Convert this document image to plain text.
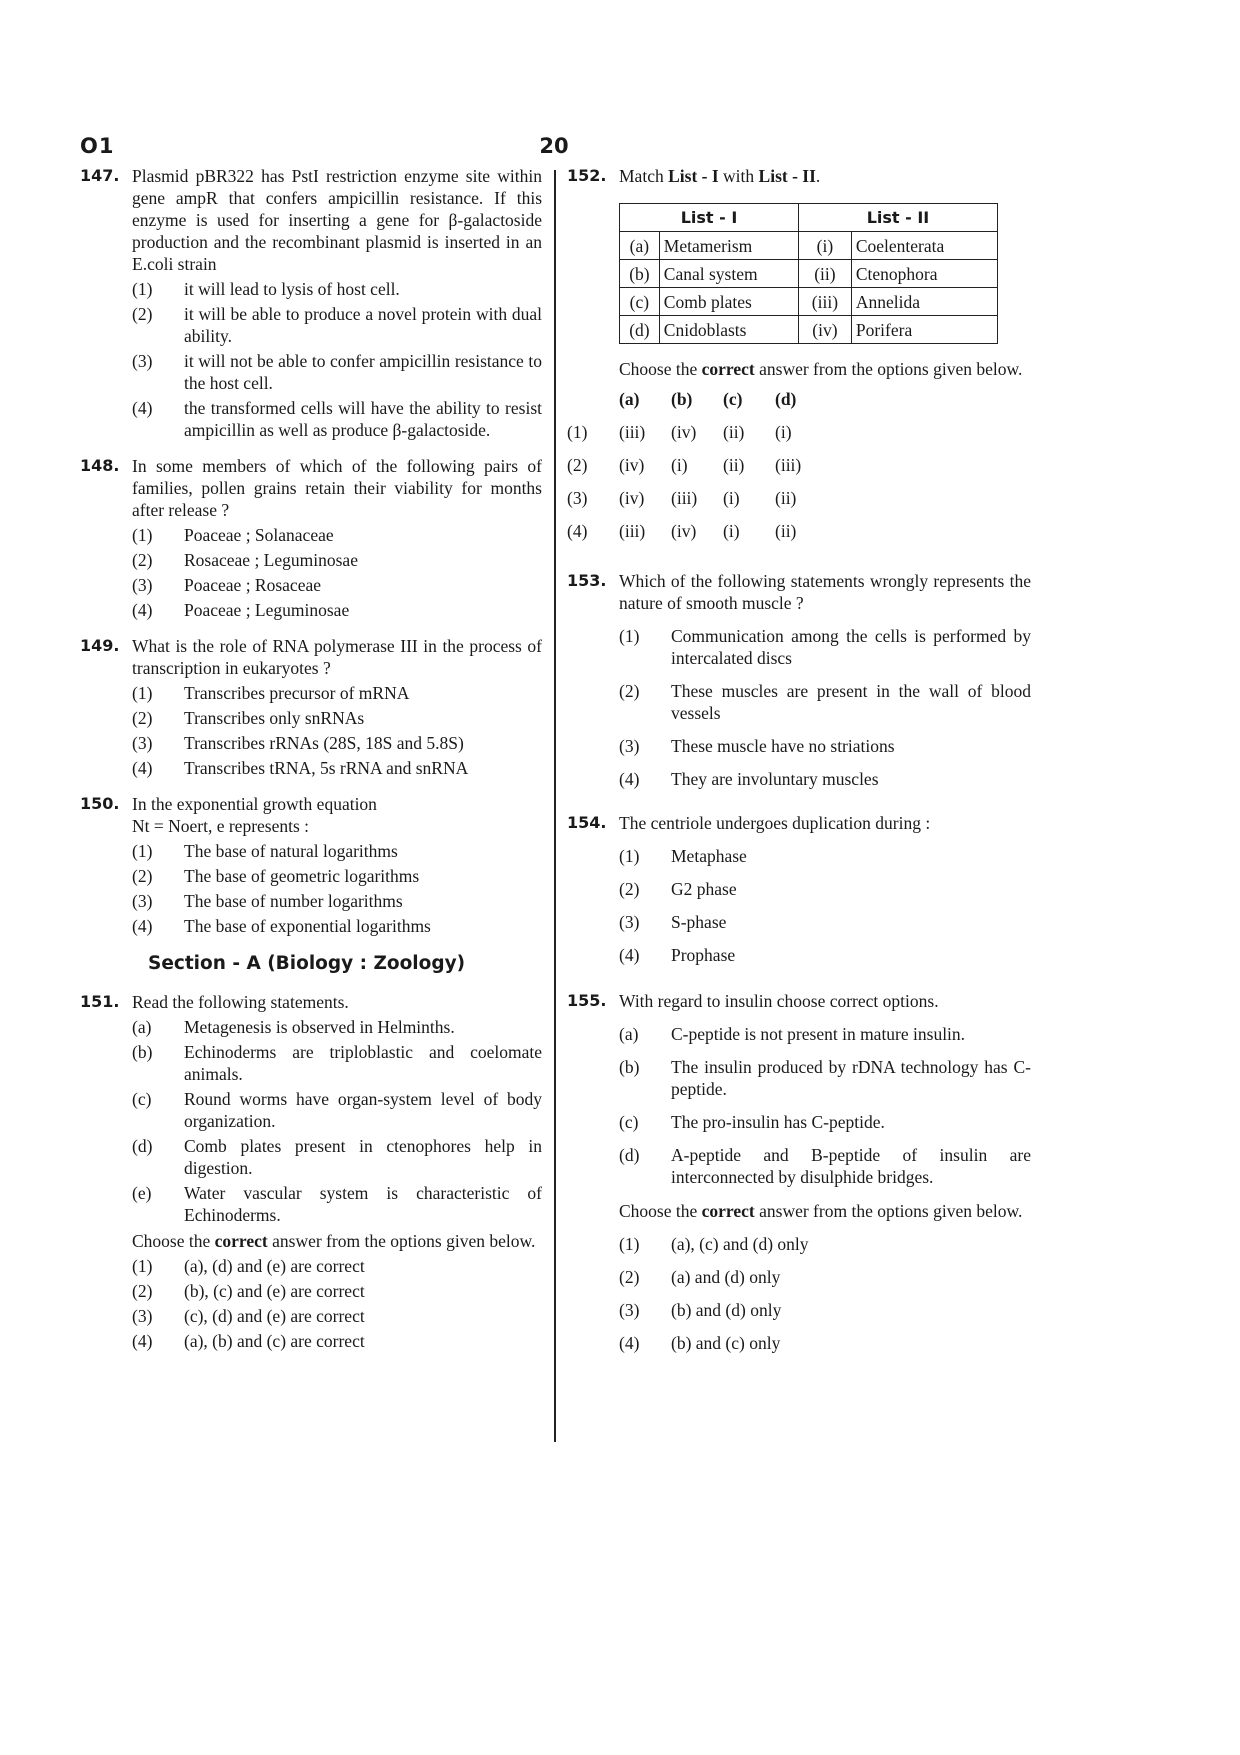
O1	20
147. Plasmid pBR322 has PstI restriction enzyme site within gene ampR that confers ampicillin resistance. If this enzyme is used for inserting a gene for β-galactoside production and the recombinant plasmid is inserted in an E.coli strain
(1) it will lead to lysis of host cell.
(2) it will be able to produce a novel protein with dual ability.
(3) it will not be able to confer ampicillin resistance to the host cell.
(4) the transformed cells will have the ability to resist ampicillin as well as produce β-galactoside.
148. In some members of which of the following pairs of families, pollen grains retain their viability for months after release ?
(1) Poaceae ; Solanaceae
(2) Rosaceae ; Leguminosae
(3) Poaceae ; Rosaceae
(4) Poaceae ; Leguminosae
149. What is the role of RNA polymerase III in the process of transcription in eukaryotes ?
(1) Transcribes precursor of mRNA
(2) Transcribes only snRNAs
(3) Transcribes rRNAs (28S, 18S and 5.8S)
(4) Transcribes tRNA, 5s rRNA and snRNA
150. In the exponential growth equation
Nt = Noert, e represents :
(1) The base of natural logarithms
(2) The base of geometric logarithms
(3) The base of number logarithms
(4) The base of exponential logarithms
Section - A (Biology : Zoology)
151. Read the following statements.
(a) Metagenesis is observed in Helminths.
(b) Echinoderms are triploblastic and coelomate animals.
(c) Round worms have organ-system level of body organization.
(d) Comb plates present in ctenophores help in digestion.
(e) Water vascular system is characteristic of Echinoderms.
Choose the correct answer from the options given below.
(1) (a), (d) and (e) are correct
(2) (b), (c) and (e) are correct
(3) (c), (d) and (e) are correct
(4) (a), (b) and (c) are correct
152. Match List - I with List - II.
List - I		List - II	
(a)	Metamerism	(i)	Coelenterata
(b)	Canal system	(ii)	Ctenophora
(c)	Comb plates	(iii)	Annelida
(d)	Cnidoblasts	(iv)	Porifera
Choose the correct answer from the options given below.
(a)	(b)	(c)	(d)
(1)	(iii)	(iv)	(ii)	(i)
(2)	(iv)	(i)	(ii)	(iii)
(3)	(iv)	(iii)	(i)	(ii)
(4)	(iii)	(iv)	(i)	(ii)
153. Which of the following statements wrongly represents the nature of smooth muscle ?
(1) Communication among the cells is performed by intercalated discs
(2) These muscles are present in the wall of blood vessels
(3) These muscle have no striations
(4) They are involuntary muscles
154. The centriole undergoes duplication during :
(1) Metaphase
(2) G2 phase
(3) S-phase
(4) Prophase
155. With regard to insulin choose correct options.
(a) C-peptide is not present in mature insulin.
(b) The insulin produced by rDNA technology has C-peptide.
(c) The pro-insulin has C-peptide.
(d) A-peptide and B-peptide of insulin are interconnected by disulphide bridges.
Choose the correct answer from the options given below.
(1) (a), (c) and (d) only
(2) (a) and (d) only
(3) (b) and (d) only
(4) (b) and (c) only
